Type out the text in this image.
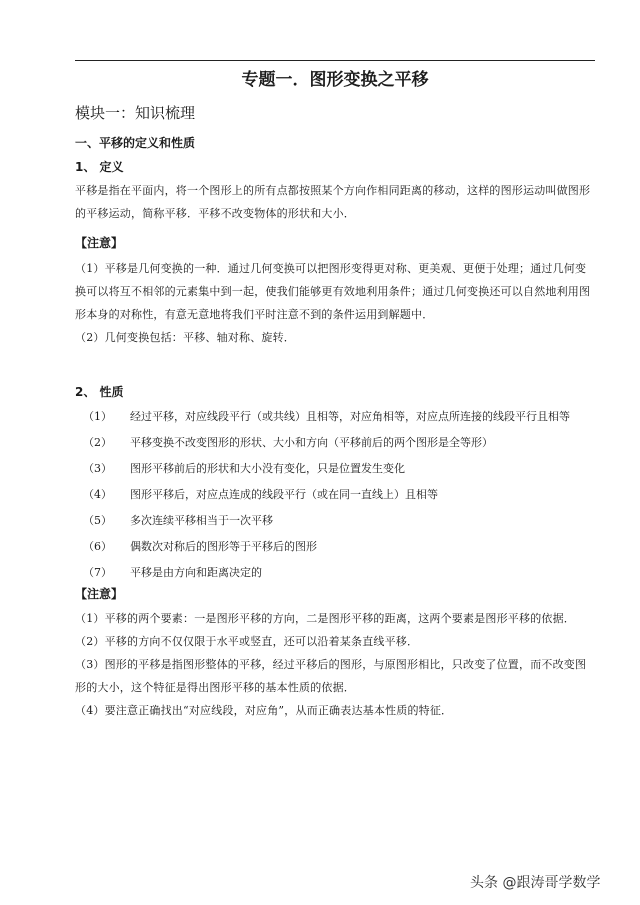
专题一．图形变换之平移
模块一：知识梳理
一、平移的定义和性质
1、 定义
平移是指在平面内，将一个图形上的所有点都按照某个方向作相同距离的移动，这样的图形运动叫做图形
的平移运动，简称平移．平移不改变物体的形状和大小．
【注意】
（1）平移是几何变换的一种．通过几何变换可以把图形变得更对称、更美观、更便于处理；通过几何变
换可以将互不相邻的元素集中到一起，使我们能够更有效地利用条件；通过几何变换还可以自然地利用图
形本身的对称性，有意无意地将我们平时注意不到的条件运用到解题中．
（2）几何变换包括：平移、轴对称、旋转．
2、 性质
（1）	经过平移，对应线段平行（或共线）且相等，对应角相等，对应点所连接的线段平行且相等
（2）	平移变换不改变图形的形状、大小和方向（平移前后的两个图形是全等形）
（3）	图形平移前后的形状和大小没有变化，只是位置发生变化
（4）	图形平移后，对应点连成的线段平行（或在同一直线上）且相等
（5）	多次连续平移相当于一次平移
（6）	偶数次对称后的图形等于平移后的图形
（7）	平移是由方向和距离决定的
【注意】
（1）平移的两个要素：一是图形平移的方向，二是图形平移的距离，这两个要素是图形平移的依据．
（2）平移的方向不仅仅限于水平或竖直，还可以沿着某条直线平移．
（3）图形的平移是指图形整体的平移，经过平移后的图形，与原图形相比，只改变了位置，而不改变图
形的大小，这个特征是得出图形平移的基本性质的依据．
（4）要注意正确找出“对应线段，对应角”，从而正确表达基本性质的特征．
头条 @跟涛哥学数学
